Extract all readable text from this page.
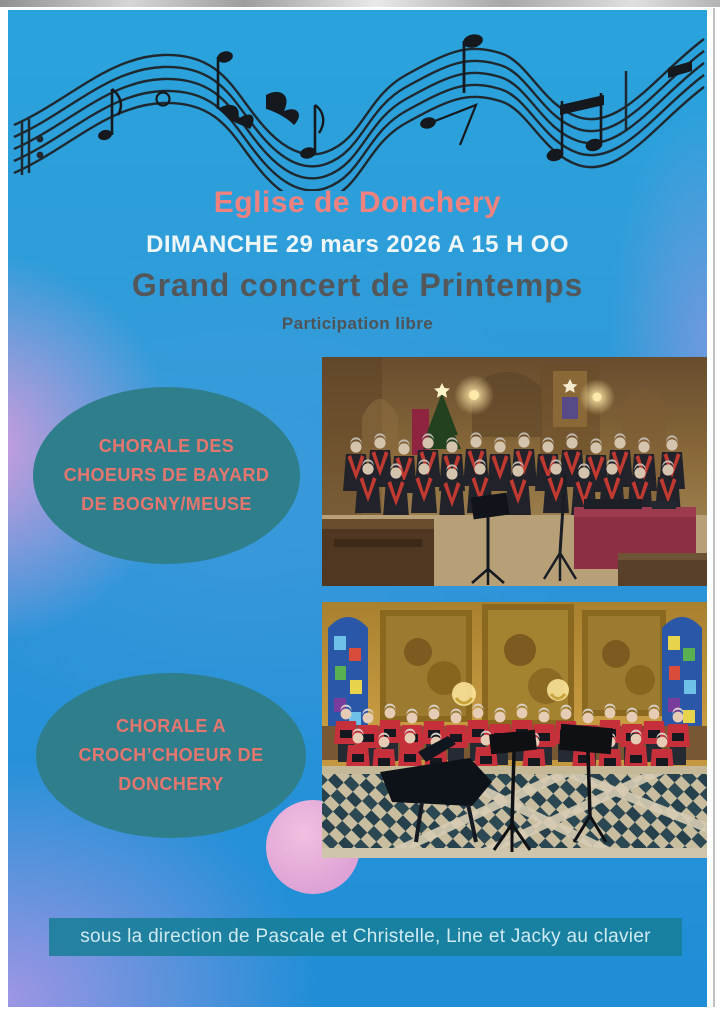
Eglise de Donchery
DIMANCHE 29 mars 2026 A 15 H OO
Grand concert de Printemps
Participation libre
CHORALE DES
CHOEURS DE BAYARD
DE BOGNY/MEUSE
CHORALE A
CROCH’CHOEUR DE
DONCHERY
sous la direction de Pascale et Christelle, Line et Jacky au clavier
